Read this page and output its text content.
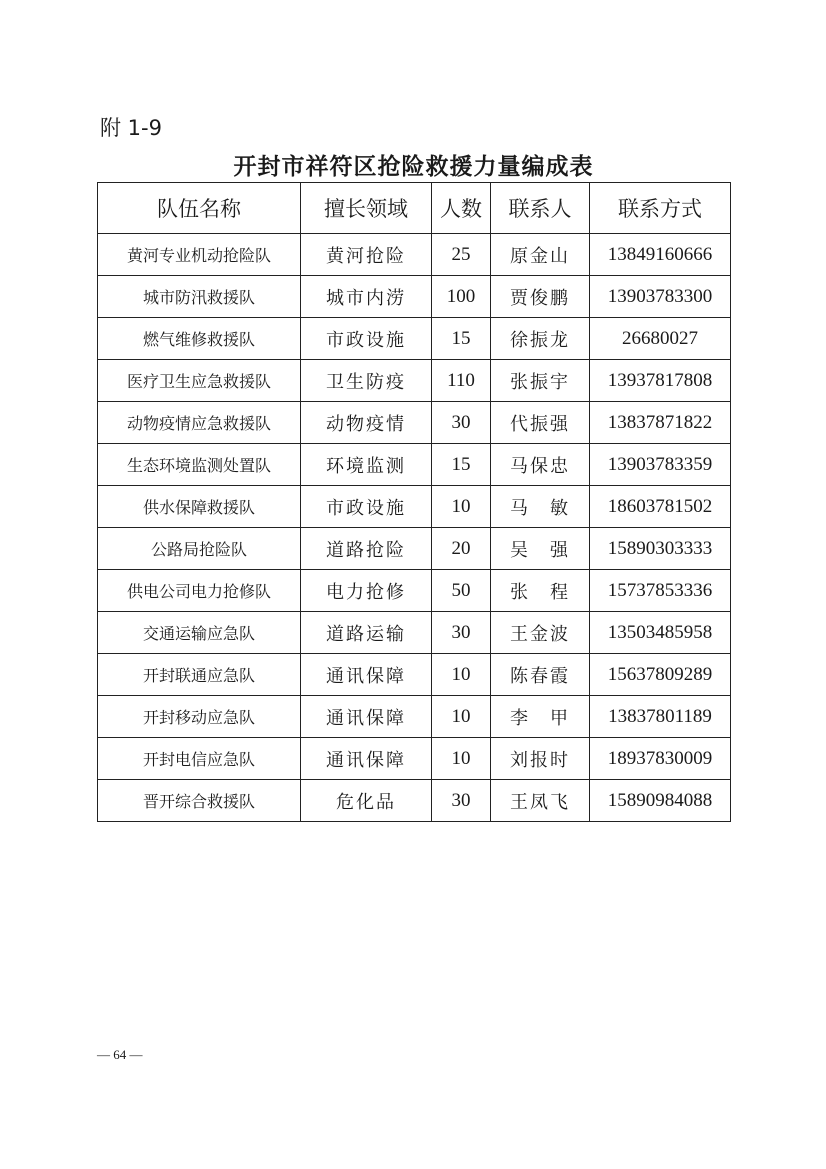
附 1-9
开封市祥符区抢险救援力量编成表
队伍名称	擅长领域	人数	联系人	联系方式
黄河专业机动抢险队	黄河抢险	25	原金山	13849160666
城市防汛救援队	城市内涝	100	贾俊鹏	13903783300
燃气维修救援队	市政设施	15	徐振龙	26680027
医疗卫生应急救援队	卫生防疫	110	张振宇	13937817808
动物疫情应急救援队	动物疫情	30	代振强	13837871822
生态环境监测处置队	环境监测	15	马保忠	13903783359
供水保障救援队	市政设施	10	马　敏	18603781502
公路局抢险队	道路抢险	20	吴　强	15890303333
供电公司电力抢修队	电力抢修	50	张　程	15737853336
交通运输应急队	道路运输	30	王金波	13503485958
开封联通应急队	通讯保障	10	陈春霞	15637809289
开封移动应急队	通讯保障	10	李　甲	13837801189
开封电信应急队	通讯保障	10	刘报时	18937830009
晋开综合救援队	危化品	30	王凤飞	15890984088
— 64 —
